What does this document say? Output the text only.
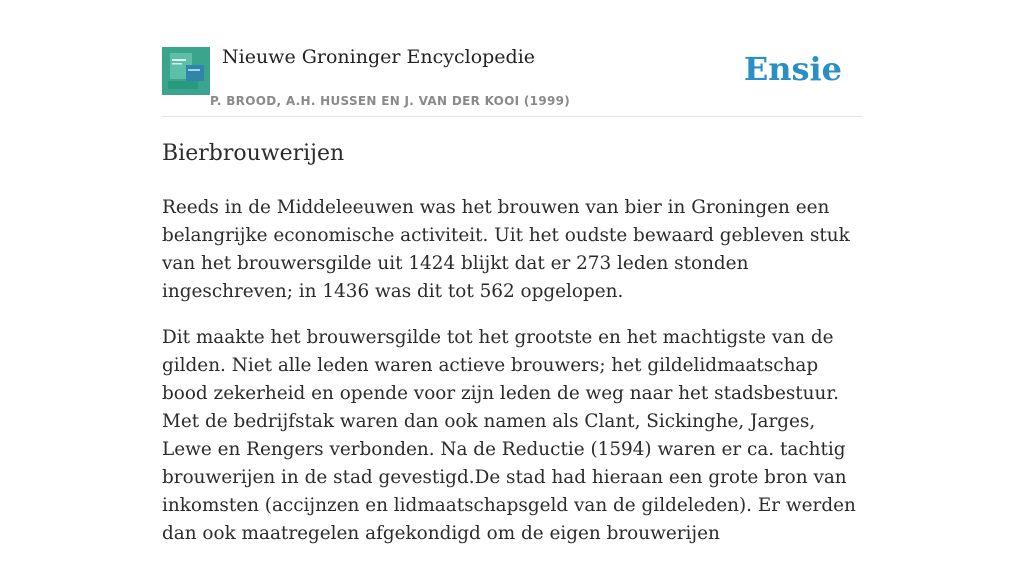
Nieuwe Groninger Encyclopedie
P. BROOD, A.H. HUSSEN EN J. VAN DER KOOI (1999)
Ensie
Bierbrouwerijen

Reeds in de Middeleeuwen was het brouwen van bier in Groningen een belangrijke economische activiteit. Uit het oudste bewaard gebleven stuk van het brouwersgilde uit 1424 blijkt dat er 273 leden stonden ingeschreven; in 1436 was dit tot 562 opgelopen.

Dit maakte het brouwersgilde tot het grootste en het machtigste van de gilden. Niet alle leden waren actieve brouwers; het gildelidmaatschap bood zekerheid en opende voor zijn leden de weg naar het stadsbestuur. Met de bedrijfstak waren dan ook namen als Clant, Sickinghe, Jarges, Lewe en Rengers verbonden. Na de Reductie (1594) waren er ca. tachtig brouwerijen in de stad gevestigd.De stad had hieraan een grote bron van inkomsten (accijnzen en lidmaatschapsgeld van de gildeleden). Er werden dan ook maatregelen afgekondigd om de eigen brouwerijen
